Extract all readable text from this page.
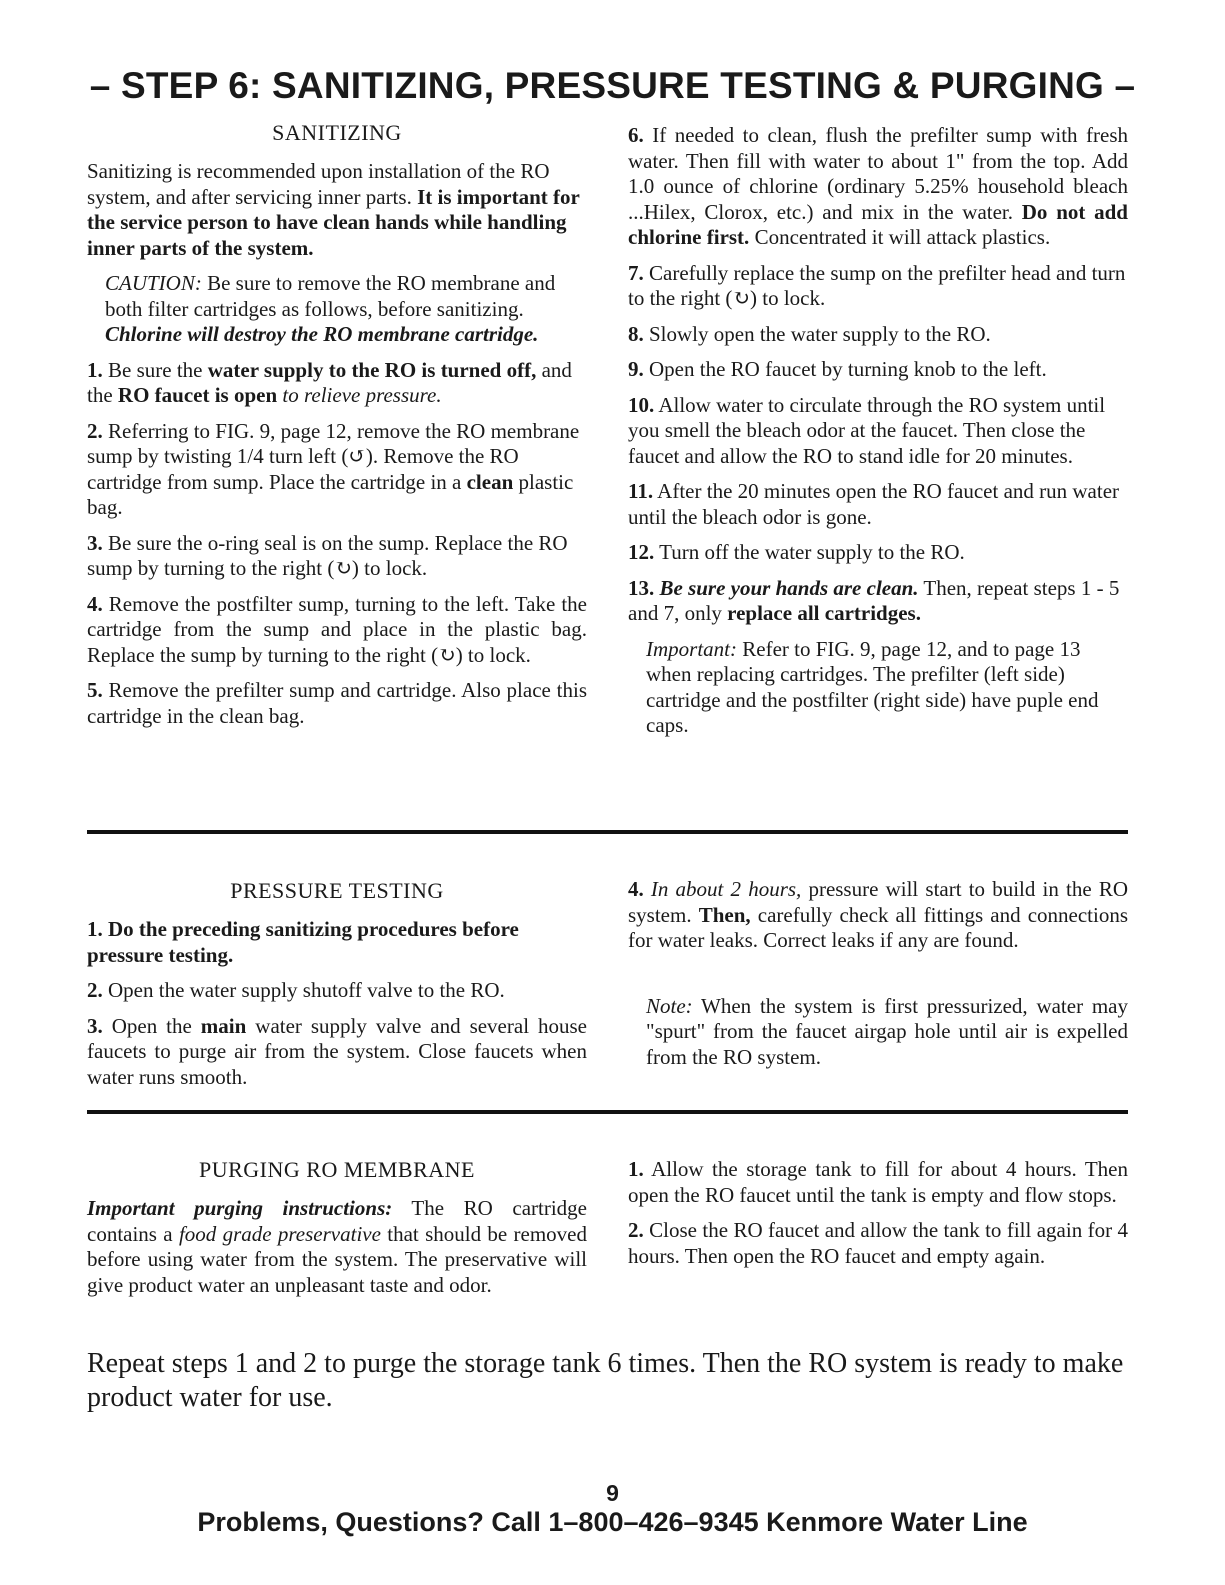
– STEP 6: SANITIZING, PRESSURE TESTING & PURGING –
SANITIZING

Sanitizing is recommended upon installation of the RO system, and after servicing inner parts. It is important for the service person to have clean hands while handling inner parts of the system.

CAUTION: Be sure to remove the RO membrane and both filter cartridges as follows, before sanitizing. Chlorine will destroy the RO membrane cartridge.

1. Be sure the water supply to the RO is turned off, and the RO faucet is open to relieve pressure.

2. Referring to FIG. 9, page 12, remove the RO membrane sump by twisting 1/4 turn left (↺). Remove the RO cartridge from sump. Place the cartridge in a clean plastic bag.

3. Be sure the o-ring seal is on the sump. Replace the RO sump by turning to the right (↻) to lock.

4. Remove the postfilter sump, turning to the left. Take the cartridge from the sump and place in the plastic bag. Replace the sump by turning to the right (↻) to lock.

5. Remove the prefilter sump and cartridge. Also place this cartridge in the clean bag.

6. If needed to clean, flush the prefilter sump with fresh water. Then fill with water to about 1" from the top. Add 1.0 ounce of chlorine (ordinary 5.25% household bleach ...Hilex, Clorox, etc.) and mix in the water. Do not add chlorine first. Concentrated it will attack plastics.

7. Carefully replace the sump on the prefilter head and turn to the right (↻) to lock.

8. Slowly open the water supply to the RO.

9. Open the RO faucet by turning knob to the left.

10. Allow water to circulate through the RO system until you smell the bleach odor at the faucet. Then close the faucet and allow the RO to stand idle for 20 minutes.

11. After the 20 minutes open the RO faucet and run water until the bleach odor is gone.

12. Turn off the water supply to the RO.

13. Be sure your hands are clean. Then, repeat steps 1 - 5 and 7, only replace all cartridges.

Important: Refer to FIG. 9, page 12, and to page 13 when replacing cartridges. The prefilter (left side) cartridge and the postfilter (right side) have puple end caps.

PRESSURE TESTING

1. Do the preceding sanitizing procedures before pressure testing.

2. Open the water supply shutoff valve to the RO.

3. Open the main water supply valve and several house faucets to purge air from the system. Close faucets when water runs smooth.

4. In about 2 hours, pressure will start to build in the RO system. Then, carefully check all fittings and connections for water leaks. Correct leaks if any are found.

Note: When the system is first pressurized, water may "spurt" from the faucet airgap hole until air is expelled from the RO system.

PURGING RO MEMBRANE

Important purging instructions: The RO cartridge contains a food grade preservative that should be removed before using water from the system. The preservative will give product water an unpleasant taste and odor.

1. Allow the storage tank to fill for about 4 hours. Then open the RO faucet until the tank is empty and flow stops.

2. Close the RO faucet and allow the tank to fill again for 4 hours. Then open the RO faucet and empty again.

Repeat steps 1 and 2 to purge the storage tank 6 times. Then the RO system is ready to make product water for use.
9
Problems, Questions? Call 1–800–426–9345 Kenmore Water Line
